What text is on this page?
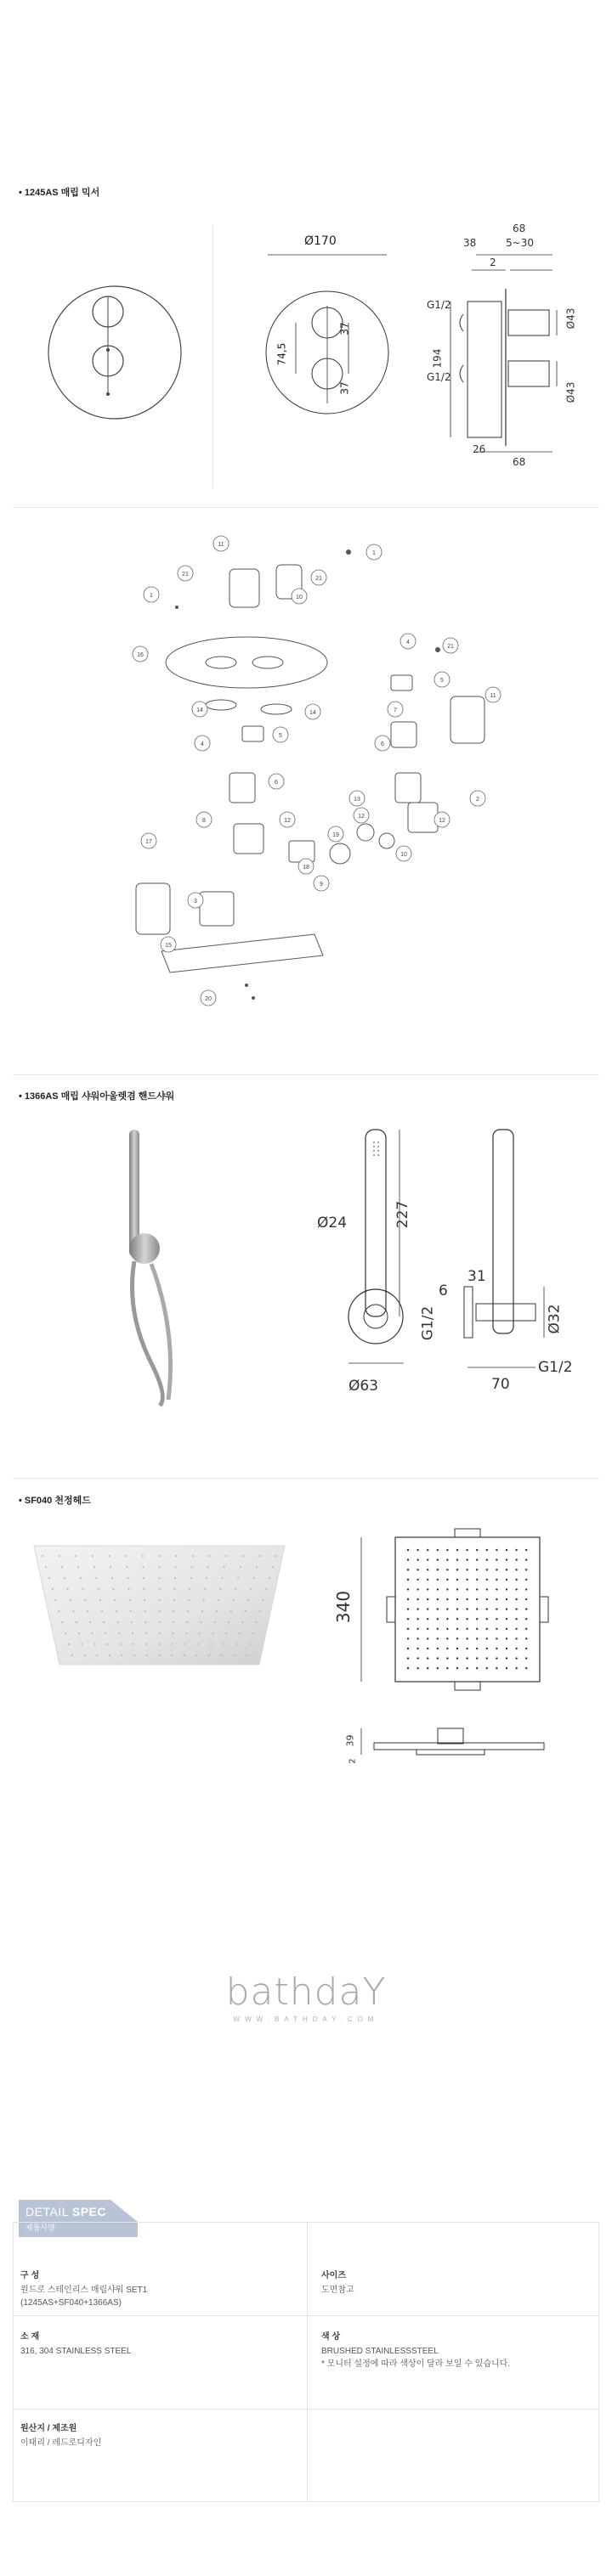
• 1245AS 매립 믹서
Ø170
74,5
37
37
38
68
5~30
2
G1/2
G1/2
Ø43
Ø43
194
26
68
11
1
21
1
21
10
16
4
21
5
7
11
14	14
5
4	6
6
13	2
12
8	12	12
19
17
10
18
9
3
15
20
• 1366AS 매립 샤워아울렛겸 핸드샤워
Ø24	227
Ø63
6
31
G1/2	Ø32
G1/2
70
• SF040 천정헤드
340
39
2
bathdaY
WWW.BATHDAY.COM
DETAIL SPEC
제품사양
구 성
원드로 스테인리스 매립샤워 SET1
(1245AS+SF040+1366AS)
사이즈
도면참고
소 재
316, 304 STAINLESS STEEL
색 상
BRUSHED STAINLESSSTEEL
* 모니터 설정에 따라 색상이 달라 보일 수 있습니다.
원산지 / 제조원
이태리 / 레드로디자인
